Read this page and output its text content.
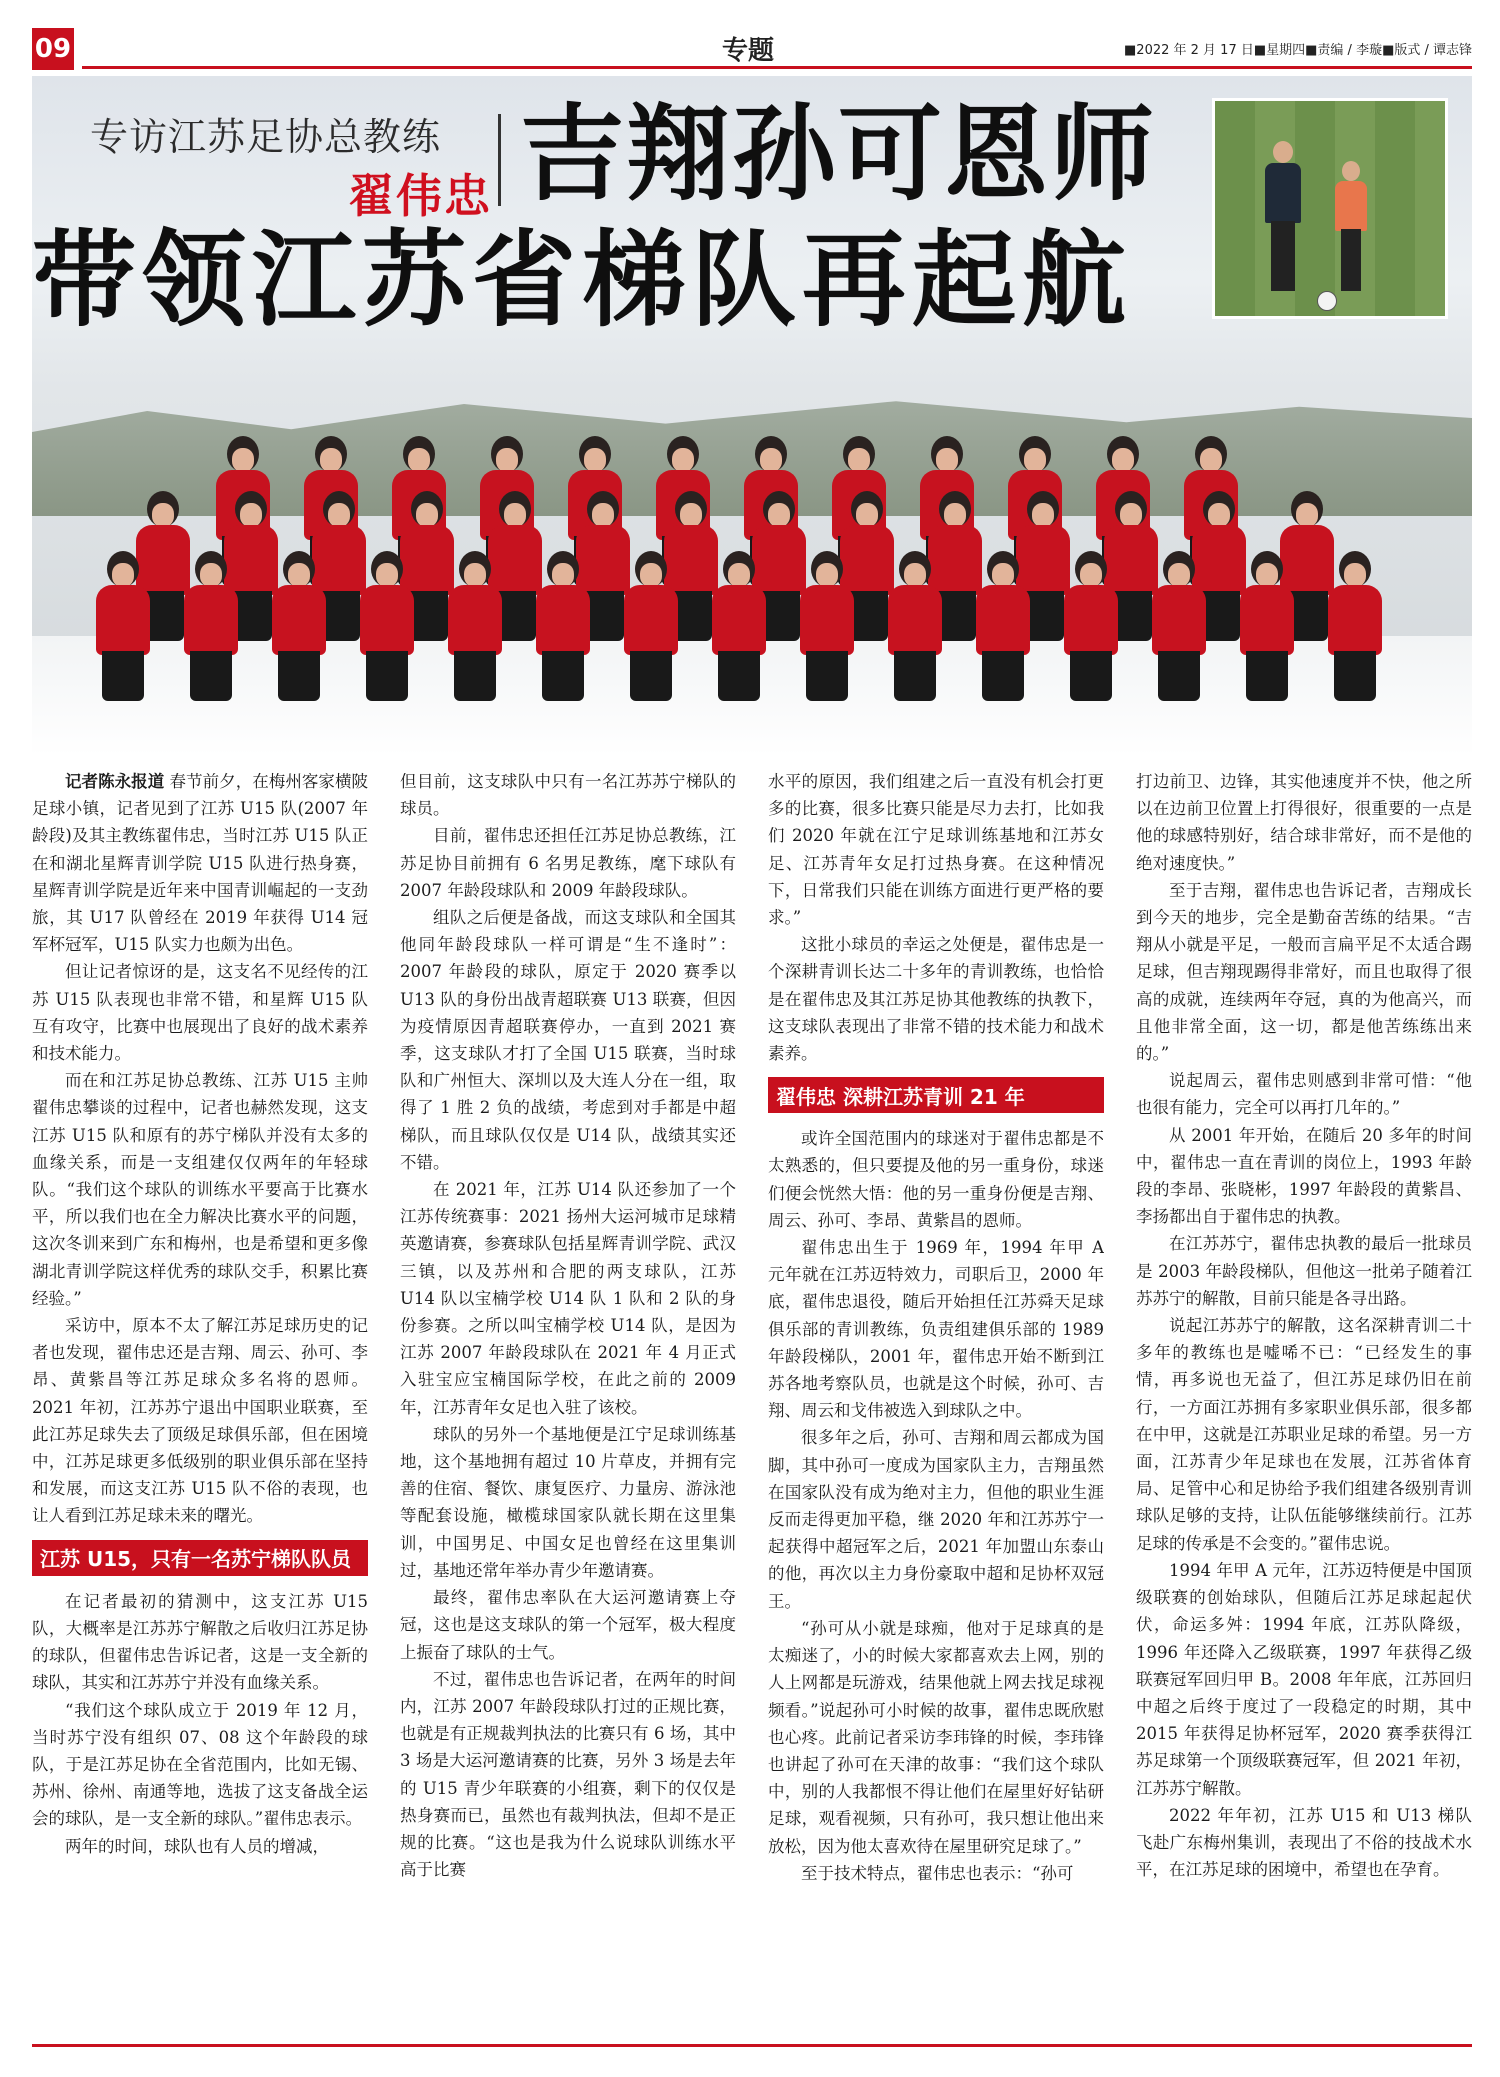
09	专题	■2022 年 2 月 17 日■星期四■责编 / 李璇■版式 / 谭志锋
专访江苏足协总教练
翟伟忠 吉翔孙可恩师
带领江苏省梯队再起航

记者陈永报道 春节前夕，在梅州客家横陂足球小镇，记者见到了江苏 U15 队(2007 年龄段)及其主教练翟伟忠，当时江苏 U15 队正在和湖北星辉青训学院 U15 队进行热身赛，星辉青训学院是近年来中国青训崛起的一支劲旅，其 U17 队曾经在 2019 年获得 U14 冠军杯冠军，U15 队实力也颇为出色。

但让记者惊讶的是，这支名不见经传的江苏 U15 队表现也非常不错，和星辉 U15 队互有攻守，比赛中也展现出了良好的战术素养和技术能力。

而在和江苏足协总教练、江苏 U15 主帅翟伟忠攀谈的过程中，记者也赫然发现，这支江苏 U15 队和原有的苏宁梯队并没有太多的血缘关系，而是一支组建仅仅两年的年轻球队。“我们这个球队的训练水平要高于比赛水平，所以我们也在全力解决比赛水平的问题，这次冬训来到广东和梅州，也是希望和更多像湖北青训学院这样优秀的球队交手，积累比赛经验。”

采访中，原本不太了解江苏足球历史的记者也发现，翟伟忠还是吉翔、周云、孙可、李昂、黄紫昌等江苏足球众多名将的恩师。2021 年初，江苏苏宁退出中国职业联赛，至此江苏足球失去了顶级足球俱乐部，但在困境中，江苏足球更多低级别的职业俱乐部在坚持和发展，而这支江苏 U15 队不俗的表现，也让人看到江苏足球未来的曙光。

江苏 U15，只有一名苏宁梯队队员

在记者最初的猜测中，这支江苏 U15 队，大概率是江苏苏宁解散之后收归江苏足协的球队，但翟伟忠告诉记者，这是一支全新的球队，其实和江苏苏宁并没有血缘关系。

“我们这个球队成立于 2019 年 12 月，当时苏宁没有组织 07、08 这个年龄段的球队，于是江苏足协在全省范围内，比如无锡、苏州、徐州、南通等地，选拔了这支备战全运会的球队，是一支全新的球队。”翟伟忠表示。

两年的时间，球队也有人员的增减，

但目前，这支球队中只有一名江苏苏宁梯队的球员。

目前，翟伟忠还担任江苏足协总教练，江苏足协目前拥有 6 名男足教练，麾下球队有 2007 年龄段球队和 2009 年龄段球队。

组队之后便是备战，而这支球队和全国其他同年龄段球队一样可谓是“生不逢时”：2007 年龄段的球队，原定于 2020 赛季以 U13 队的身份出战青超联赛 U13 联赛，但因为疫情原因青超联赛停办，一直到 2021 赛季，这支球队才打了全国 U15 联赛，当时球队和广州恒大、深圳以及大连人分在一组，取得了 1 胜 2 负的战绩，考虑到对手都是中超梯队，而且球队仅仅是 U14 队，战绩其实还不错。

在 2021 年，江苏 U14 队还参加了一个江苏传统赛事：2021 扬州大运河城市足球精英邀请赛，参赛球队包括星辉青训学院、武汉三镇，以及苏州和合肥的两支球队，江苏 U14 队以宝楠学校 U14 队 1 队和 2 队的身份参赛。之所以叫宝楠学校 U14 队，是因为江苏 2007 年龄段球队在 2021 年 4 月正式入驻宝应宝楠国际学校，在此之前的 2009 年，江苏青年女足也入驻了该校。

球队的另外一个基地便是江宁足球训练基地，这个基地拥有超过 10 片草皮，并拥有完善的住宿、餐饮、康复医疗、力量房、游泳池等配套设施，橄榄球国家队就长期在这里集训，中国男足、中国女足也曾经在这里集训过，基地还常年举办青少年邀请赛。

最终，翟伟忠率队在大运河邀请赛上夺冠，这也是这支球队的第一个冠军，极大程度上振奋了球队的士气。

不过，翟伟忠也告诉记者，在两年的时间内，江苏 2007 年龄段球队打过的正规比赛，也就是有正规裁判执法的比赛只有 6 场，其中 3 场是大运河邀请赛的比赛，另外 3 场是去年的 U15 青少年联赛的小组赛，剩下的仅仅是热身赛而已，虽然也有裁判执法，但却不是正规的比赛。“这也是我为什么说球队训练水平高于比赛

水平的原因，我们组建之后一直没有机会打更多的比赛，很多比赛只能是尽力去打，比如我们 2020 年就在江宁足球训练基地和江苏女足、江苏青年女足打过热身赛。在这种情况下，日常我们只能在训练方面进行更严格的要求。”

这批小球员的幸运之处便是，翟伟忠是一个深耕青训长达二十多年的青训教练，也恰恰是在翟伟忠及其江苏足协其他教练的执教下，这支球队表现出了非常不错的技术能力和战术素养。

翟伟忠 深耕江苏青训 21 年

或许全国范围内的球迷对于翟伟忠都是不太熟悉的，但只要提及他的另一重身份，球迷们便会恍然大悟：他的另一重身份便是吉翔、周云、孙可、李昂、黄紫昌的恩师。

翟伟忠出生于 1969 年，1994 年甲 A 元年就在江苏迈特效力，司职后卫，2000 年底，翟伟忠退役，随后开始担任江苏舜天足球俱乐部的青训教练，负责组建俱乐部的 1989 年龄段梯队，2001 年，翟伟忠开始不断到江苏各地考察队员，也就是这个时候，孙可、吉翔、周云和戈伟被选入到球队之中。

很多年之后，孙可、吉翔和周云都成为国脚，其中孙可一度成为国家队主力，吉翔虽然在国家队没有成为绝对主力，但他的职业生涯反而走得更加平稳，继 2020 年和江苏苏宁一起获得中超冠军之后，2021 年加盟山东泰山的他，再次以主力身份豪取中超和足协杯双冠王。

“孙可从小就是球痴，他对于足球真的是太痴迷了，小的时候大家都喜欢去上网，别的人上网都是玩游戏，结果他就上网去找足球视频看。”说起孙可小时候的故事，翟伟忠既欣慰也心疼。此前记者采访李玮锋的时候，李玮锋也讲起了孙可在天津的故事：“我们这个球队中，别的人我都恨不得让他们在屋里好好钻研足球，观看视频，只有孙可，我只想让他出来放松，因为他太喜欢待在屋里研究足球了。”

至于技术特点，翟伟忠也表示：“孙可

打边前卫、边锋，其实他速度并不快，他之所以在边前卫位置上打得很好，很重要的一点是他的球感特别好，结合球非常好，而不是他的绝对速度快。”

至于吉翔，翟伟忠也告诉记者，吉翔成长到今天的地步，完全是勤奋苦练的结果。“吉翔从小就是平足，一般而言扁平足不太适合踢足球，但吉翔现踢得非常好，而且也取得了很高的成就，连续两年夺冠，真的为他高兴，而且他非常全面，这一切，都是他苦练练出来的。”

说起周云，翟伟忠则感到非常可惜：“他也很有能力，完全可以再打几年的。”

从 2001 年开始，在随后 20 多年的时间中，翟伟忠一直在青训的岗位上，1993 年龄段的李昂、张晓彬，1997 年龄段的黄紫昌、李扬都出自于翟伟忠的执教。

在江苏苏宁，翟伟忠执教的最后一批球员是 2003 年龄段梯队，但他这一批弟子随着江苏苏宁的解散，目前只能是各寻出路。

说起江苏苏宁的解散，这名深耕青训二十多年的教练也是嘘唏不已：“已经发生的事情，再多说也无益了，但江苏足球仍旧在前行，一方面江苏拥有多家职业俱乐部，很多都在中甲，这就是江苏职业足球的希望。另一方面，江苏青少年足球也在发展，江苏省体育局、足管中心和足协给予我们组建各级别青训球队足够的支持，让队伍能够继续前行。江苏足球的传承是不会变的。”翟伟忠说。

1994 年甲 A 元年，江苏迈特便是中国顶级联赛的创始球队，但随后江苏足球起起伏伏，命运多舛：1994 年底，江苏队降级，1996 年还降入乙级联赛，1997 年获得乙级联赛冠军回归甲 B。2008 年年底，江苏回归中超之后终于度过了一段稳定的时期，其中 2015 年获得足协杯冠军，2020 赛季获得江苏足球第一个顶级联赛冠军，但 2021 年初，江苏苏宁解散。

2022 年年初，江苏 U15 和 U13 梯队飞赴广东梅州集训，表现出了不俗的技战术水平，在江苏足球的困境中，希望也在孕育。
